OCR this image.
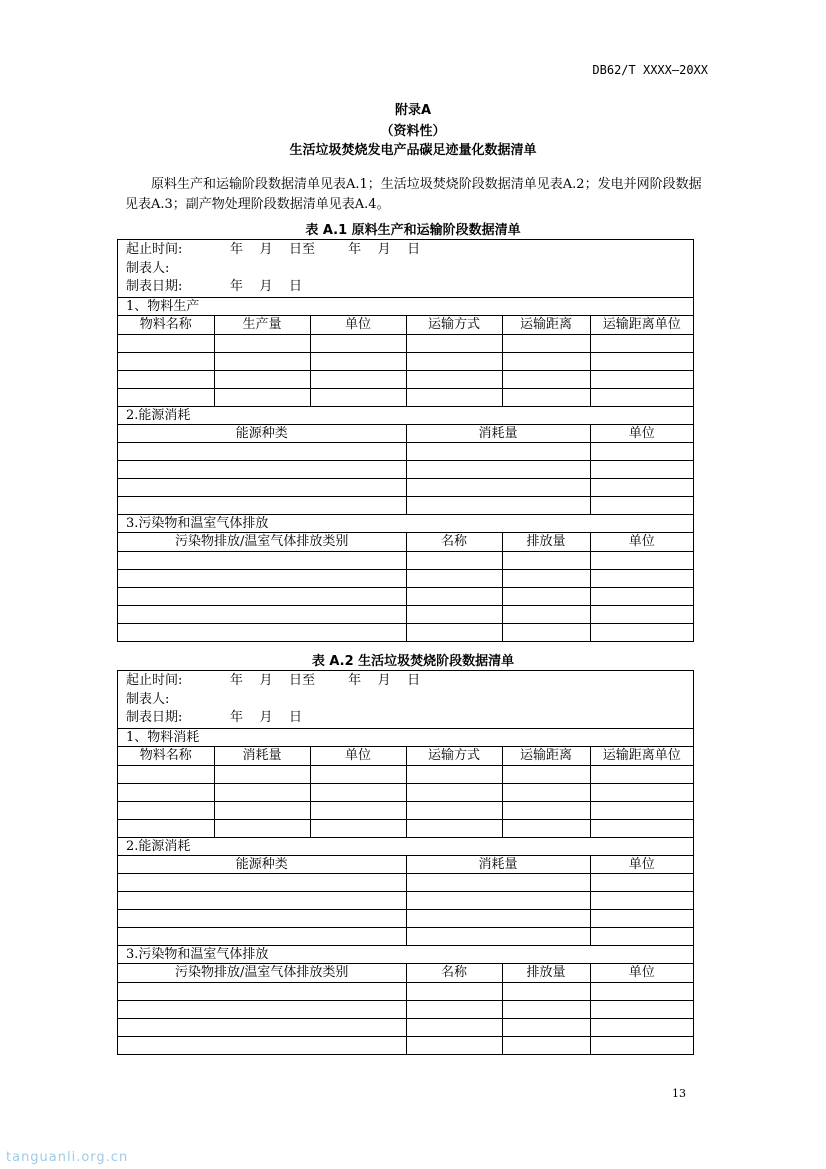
DB62/T XXXX—20XX
附录A
（资料性）
生活垃圾焚烧发电产品碳足迹量化数据清单

原料生产和运输阶段数据清单见表A.1；生活垃圾焚烧阶段数据清单见表A.2；发电并网阶段数据见表A.3；副产物处理阶段数据清单见表A.4。

表 A.1 原料生产和运输阶段数据清单
起止时间:	年    月    日至        年    月    日
制表人:
制表日期:	年    月    日
1、物料生产
物料名称	生产量	单位	运输方式	运输距离	运输距离单位

2.能源消耗
能源种类	消耗量	单位

3.污染物和温室气体排放
污染物排放/温室气体排放类别	名称	排放量	单位

表 A.2 生活垃圾焚烧阶段数据清单
起止时间:	年    月    日至        年    月    日
制表人:
制表日期:	年    月    日
1、物料消耗
物料名称	消耗量	单位	运输方式	运输距离	运输距离单位

2.能源消耗
能源种类	消耗量	单位

3.污染物和温室气体排放
污染物排放/温室气体排放类别	名称	排放量	单位

13
tanguanli.org.cn
